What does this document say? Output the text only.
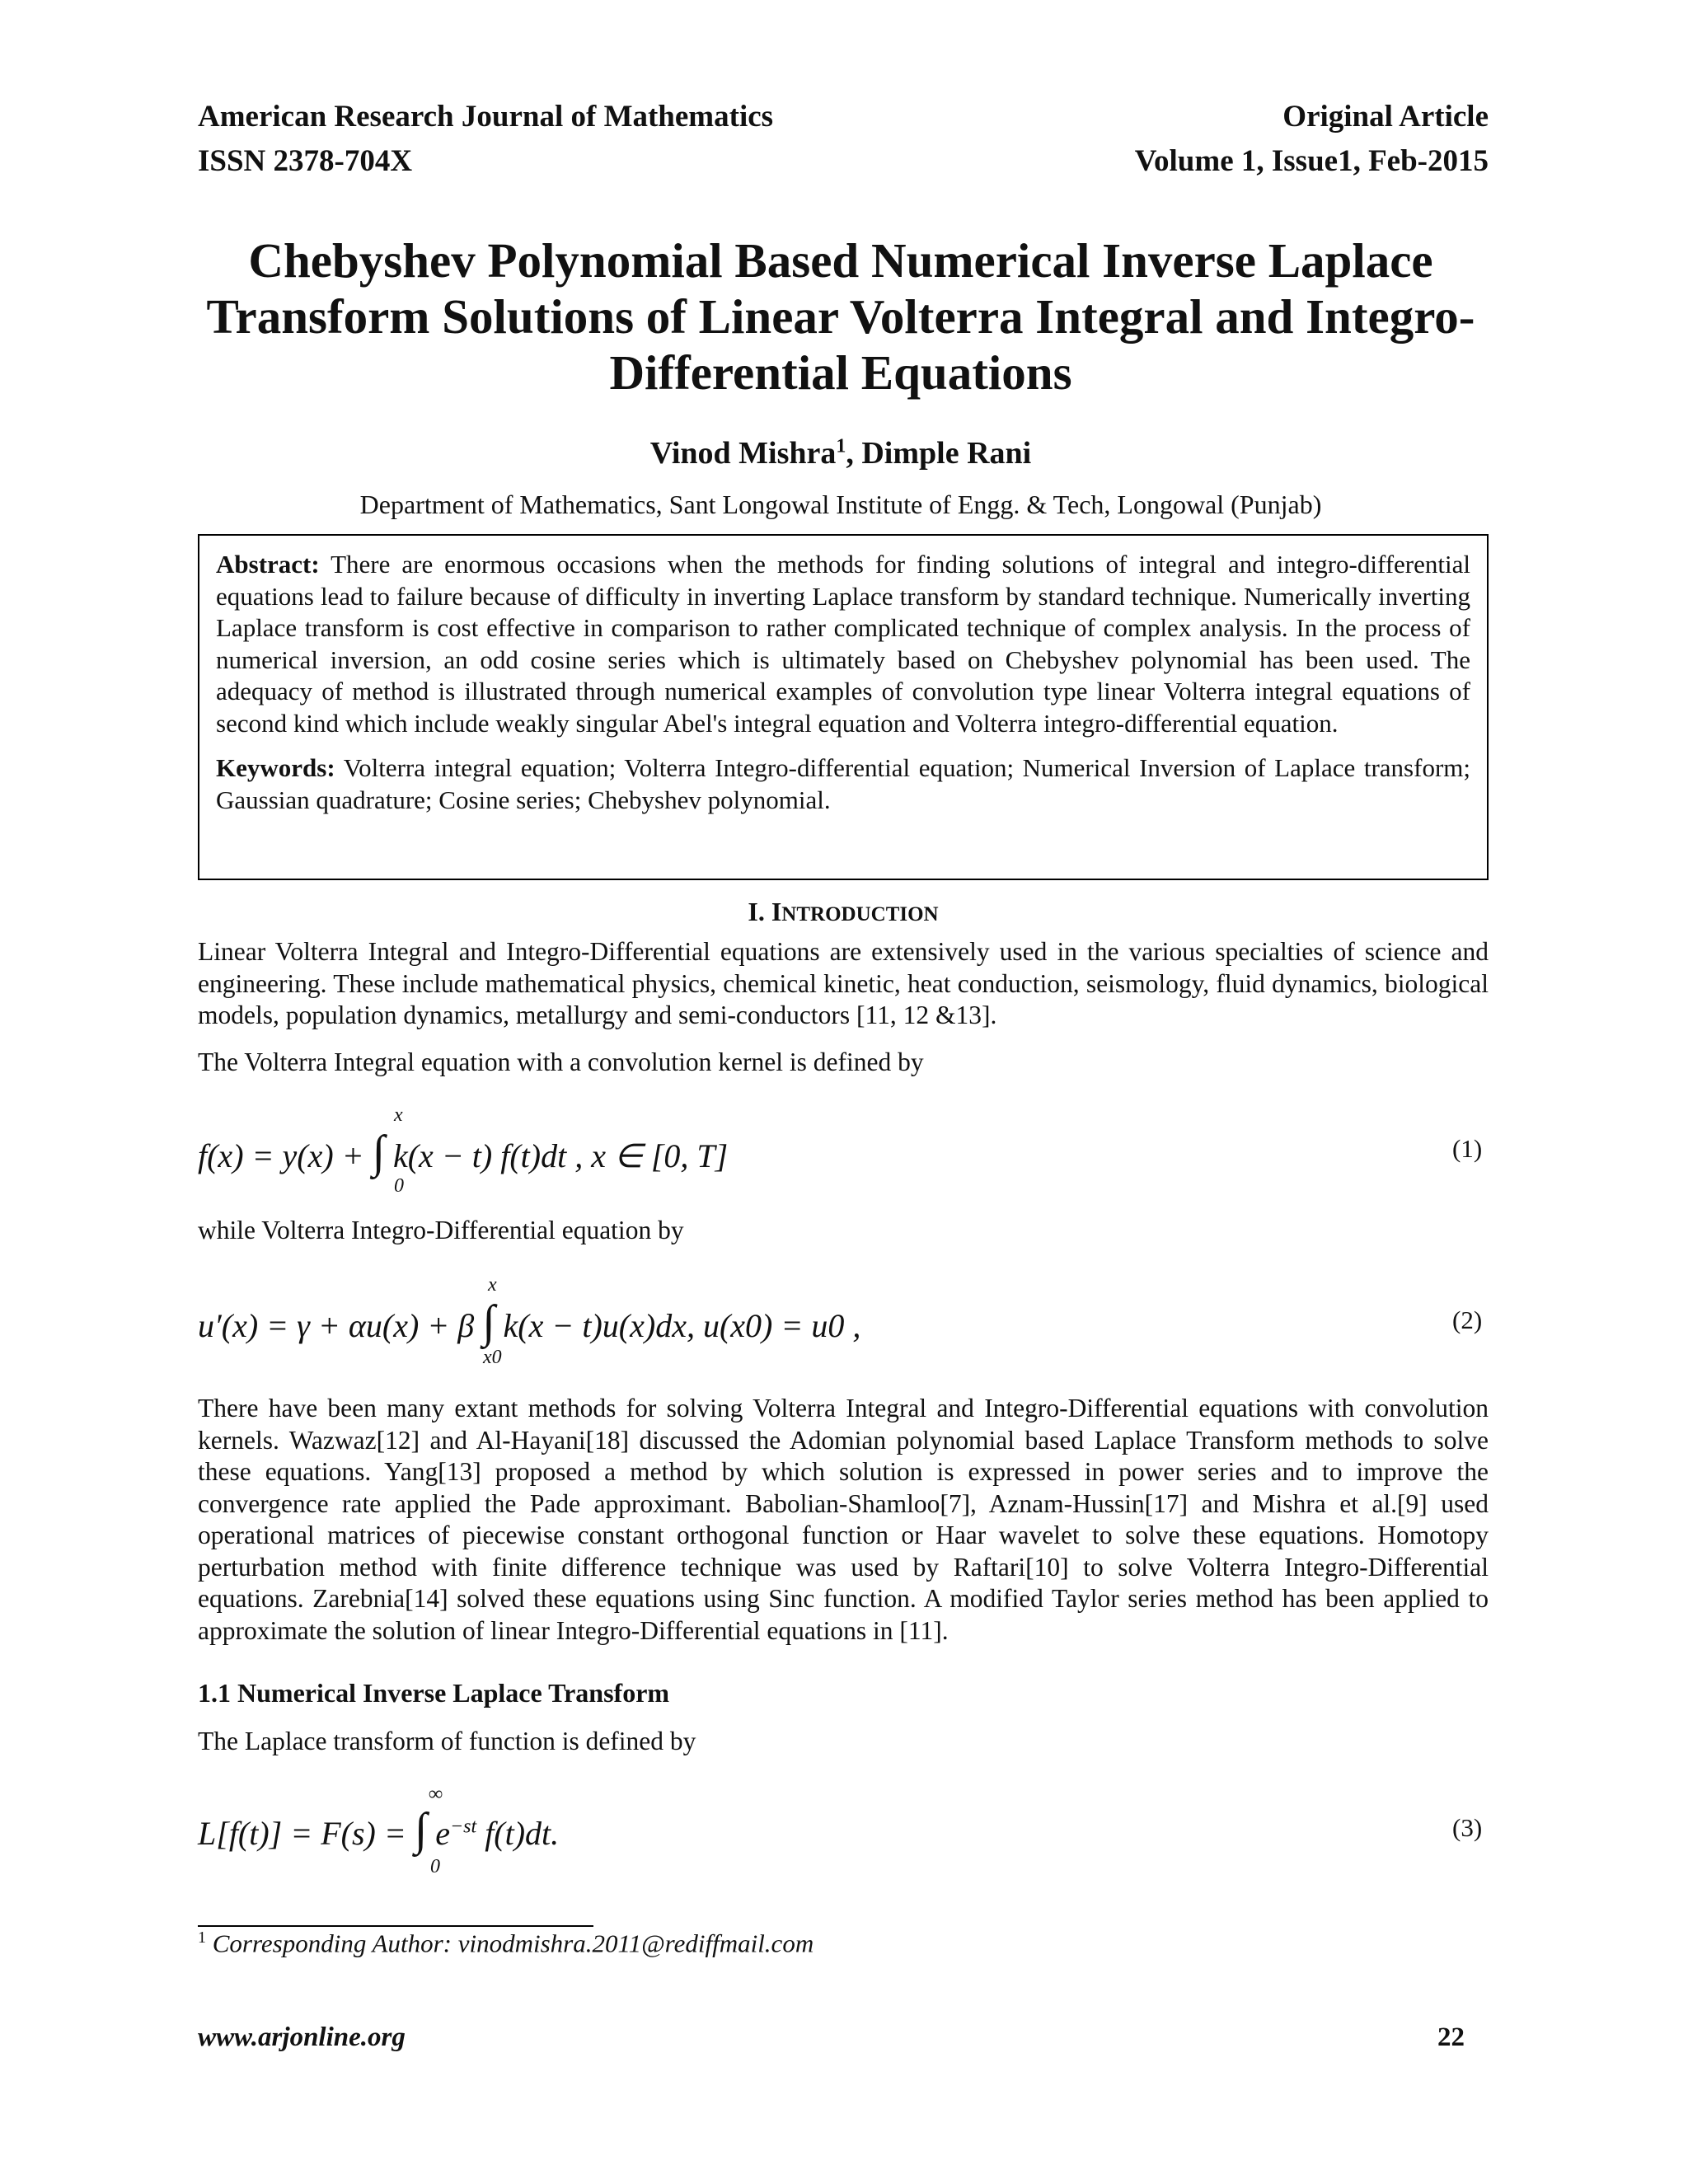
American Research Journal of Mathematics
ISSN 2378-704X
Original Article
Volume 1, Issue1, Feb-2015
Chebyshev Polynomial Based Numerical Inverse Laplace Transform Solutions of Linear Volterra Integral and Integro-Differential Equations
Vinod Mishra$^1$, Dimple Rani
Department of Mathematics, Sant Longowal Institute of Engg. & Tech, Longowal (Punjab)

Abstract: There are enormous occasions when the methods for finding solutions of integral and integro-differential equations lead to failure because of difficulty in inverting Laplace transform by standard technique. Numerically inverting Laplace transform is cost effective in comparison to rather complicated technique of complex analysis. In the process of numerical inversion, an odd cosine series which is ultimately based on Chebyshev polynomial has been used. The adequacy of method is illustrated through numerical examples of convolution type linear Volterra integral equations of second kind which include weakly singular Abel's integral equation and Volterra integro-differential equation.

Keywords: Volterra integral equation; Volterra Integro-differential equation; Numerical Inversion of Laplace transform; Gaussian quadrature; Cosine series; Chebyshev polynomial.

I. INTRODUCTION
Linear Volterra Integral and Integro-Differential equations are extensively used in the various specialties of science and engineering. These include mathematical physics, chemical kinetic, heat conduction, seismology, fluid dynamics, biological models, population dynamics, metallurgy and semi-conductors [11, 12 &13].
The Volterra Integral equation with a convolution kernel is defined by
x
f(x) = y(x) + ∫ k(x − t) f(t)dt , x ∈ [0, T]
0
(1)
while Volterra Integro-Differential equation by
x
u′(x) = γ + αu(x) + β ∫ k(x − t)u(x)dx, u(x0) = u0 ,
x0
(2)
There have been many extant methods for solving Volterra Integral and Integro-Differential equations with convolution kernels. Wazwaz[12] and Al-Hayani[18] discussed the Adomian polynomial based Laplace Transform methods to solve these equations. Yang[13] proposed a method by which solution is expressed in power series and to improve the convergence rate applied the Pade approximant. Babolian-Shamloo[7], Aznam-Hussin[17] and Mishra et al.[9] used operational matrices of piecewise constant orthogonal function or Haar wavelet to solve these equations. Homotopy perturbation method with finite difference technique was used by Raftari[10] to solve Volterra Integro-Differential equations. Zarebnia[14] solved these equations using Sinc function. A modified Taylor series method has been applied to approximate the solution of linear Integro-Differential equations in [11].
1.1 Numerical Inverse Laplace Transform
The Laplace transform of function is defined by
∞
L[f(t)] = F(s) = ∫ $e^{-st}$ f(t)dt.
0
(3)
$^1$ Corresponding Author: vinodmishra.2011@rediffmail.com
www.arjonline.org	22
